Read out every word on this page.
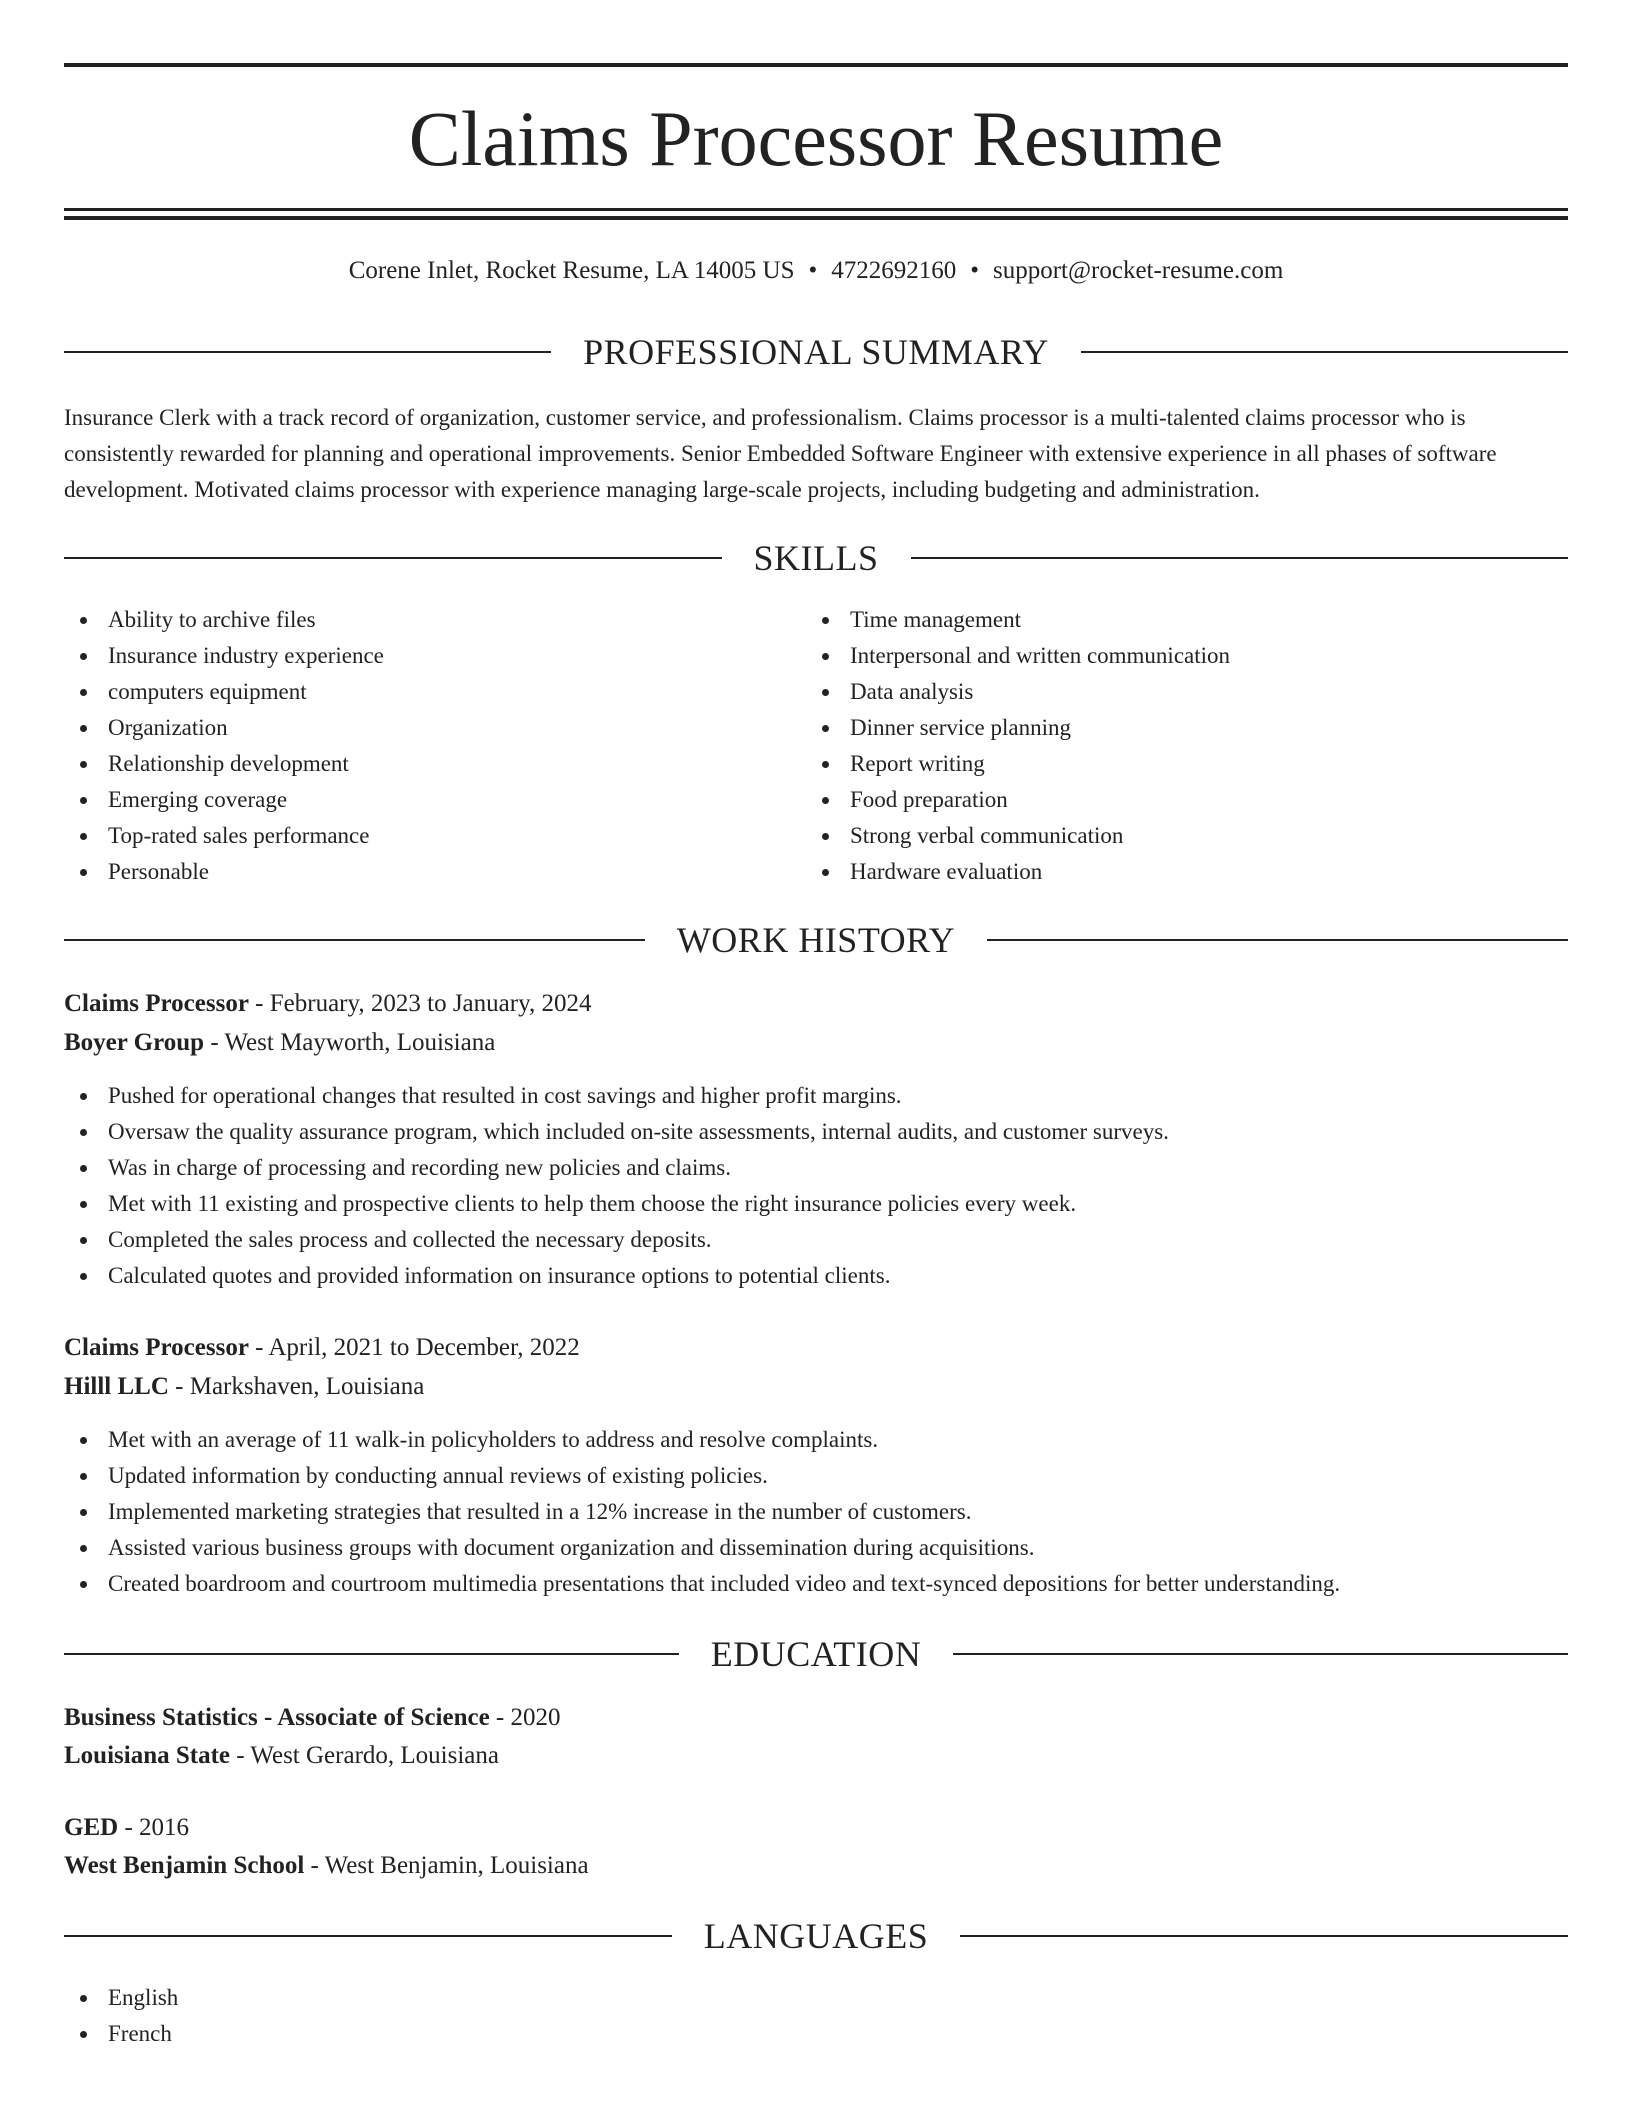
Claims Processor Resume
Corene Inlet, Rocket Resume, LA 14005 US • 4722692160 • support@rocket-resume.com
PROFESSIONAL SUMMARY

Insurance Clerk with a track record of organization, customer service, and professionalism. Claims processor is a multi-talented claims processor who is consistently rewarded for planning and operational improvements. Senior Embedded Software Engineer with extensive experience in all phases of software development. Motivated claims processor with experience managing large-scale projects, including budgeting and administration.

SKILLS
Ability to archive files
Insurance industry experience
computers equipment
Organization
Relationship development
Emerging coverage
Top-rated sales performance
Personable
Time management
Interpersonal and written communication
Data analysis
Dinner service planning
Report writing
Food preparation
Strong verbal communication
Hardware evaluation
WORK HISTORY
Claims Processor - February, 2023 to January, 2024
Boyer Group - West Mayworth, Louisiana
Pushed for operational changes that resulted in cost savings and higher profit margins.
Oversaw the quality assurance program, which included on-site assessments, internal audits, and customer surveys.
Was in charge of processing and recording new policies and claims.
Met with 11 existing and prospective clients to help them choose the right insurance policies every week.
Completed the sales process and collected the necessary deposits.
Calculated quotes and provided information on insurance options to potential clients.
Claims Processor - April, 2021 to December, 2022
Hilll LLC - Markshaven, Louisiana
Met with an average of 11 walk-in policyholders to address and resolve complaints.
Updated information by conducting annual reviews of existing policies.
Implemented marketing strategies that resulted in a 12% increase in the number of customers.
Assisted various business groups with document organization and dissemination during acquisitions.
Created boardroom and courtroom multimedia presentations that included video and text-synced depositions for better understanding.
EDUCATION
Business Statistics - Associate of Science - 2020
Louisiana State - West Gerardo, Louisiana
GED - 2016
West Benjamin School - West Benjamin, Louisiana
LANGUAGES
English
French
